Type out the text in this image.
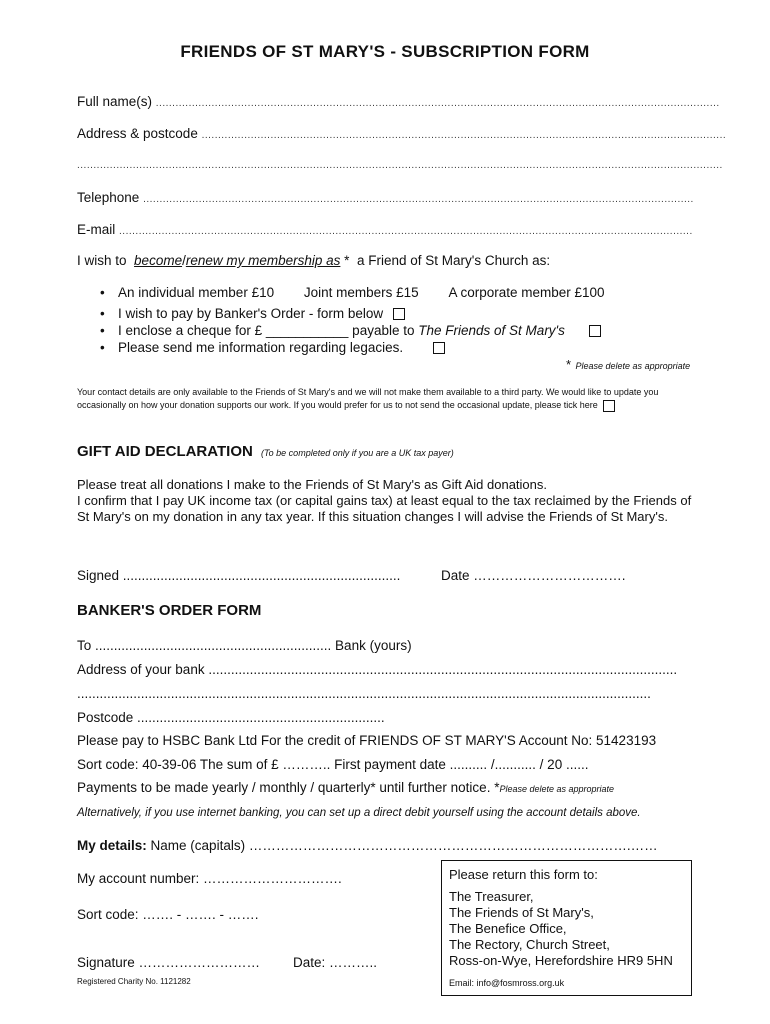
FRIENDS OF ST MARY'S - SUBSCRIPTION FORM
Full name(s) ............................................................................................................................................................................
Address & postcode ................................................................................................................................................................
.....................................................................................................................................................................................................
Telephone ........................................................................................................................................................................
E-mail ...............................................................................................................................................................................
I wish to become/renew my membership as * a Friend of St Mary's Church as:
• An individual member £10 Joint members £15 A corporate member £100
• I wish to pay by Banker's Order - form below
• I enclose a cheque for £ ___________ payable to The Friends of St Mary's
• Please send me information regarding legacies.
* Please delete as appropriate
Your contact details are only available to the Friends of St Mary's and we will not make them available to a third party. We would like to update you occasionally on how your donation supports our work. If you would prefer for us to not send the occasional update, please tick here
GIFT AID DECLARATION (To be completed only if you are a UK tax payer)
Please treat all donations I make to the Friends of St Mary's as Gift Aid donations.
I confirm that I pay UK income tax (or capital gains tax) at least equal to the tax reclaimed by the Friends of St Mary's on my donation in any tax year. If this situation changes I will advise the Friends of St Mary's.
Signed ..........................................................................	Date …………………………….
BANKER'S ORDER FORM
To ............................................................... Bank (yours)
Address of your bank .............................................................................................................................
.........................................................................................................................................................
Postcode ..................................................................
Please pay to HSBC Bank Ltd For the credit of FRIENDS OF ST MARY'S Account No: 51423193
Sort code: 40-39-06 The sum of £ ……….. First payment date .......... /........... / 20 ......
Payments to be made yearly / monthly / quarterly* until further notice. *Please delete as appropriate
Alternatively, if you use internet banking, you can set up a direct debit yourself using the account details above.
My details: Name (capitals) ………………………………………………………………………….……
My account number: ………………………….
Sort code: ……. - ……. - …….
Signature ……………………… Date: ………..
Registered Charity No. 1121282
Please return this form to:
The Treasurer,
The Friends of St Mary's,
The Benefice Office,
The Rectory, Church Street,
Ross-on-Wye, Herefordshire HR9 5HN
Email: info@fosmross.org.uk
